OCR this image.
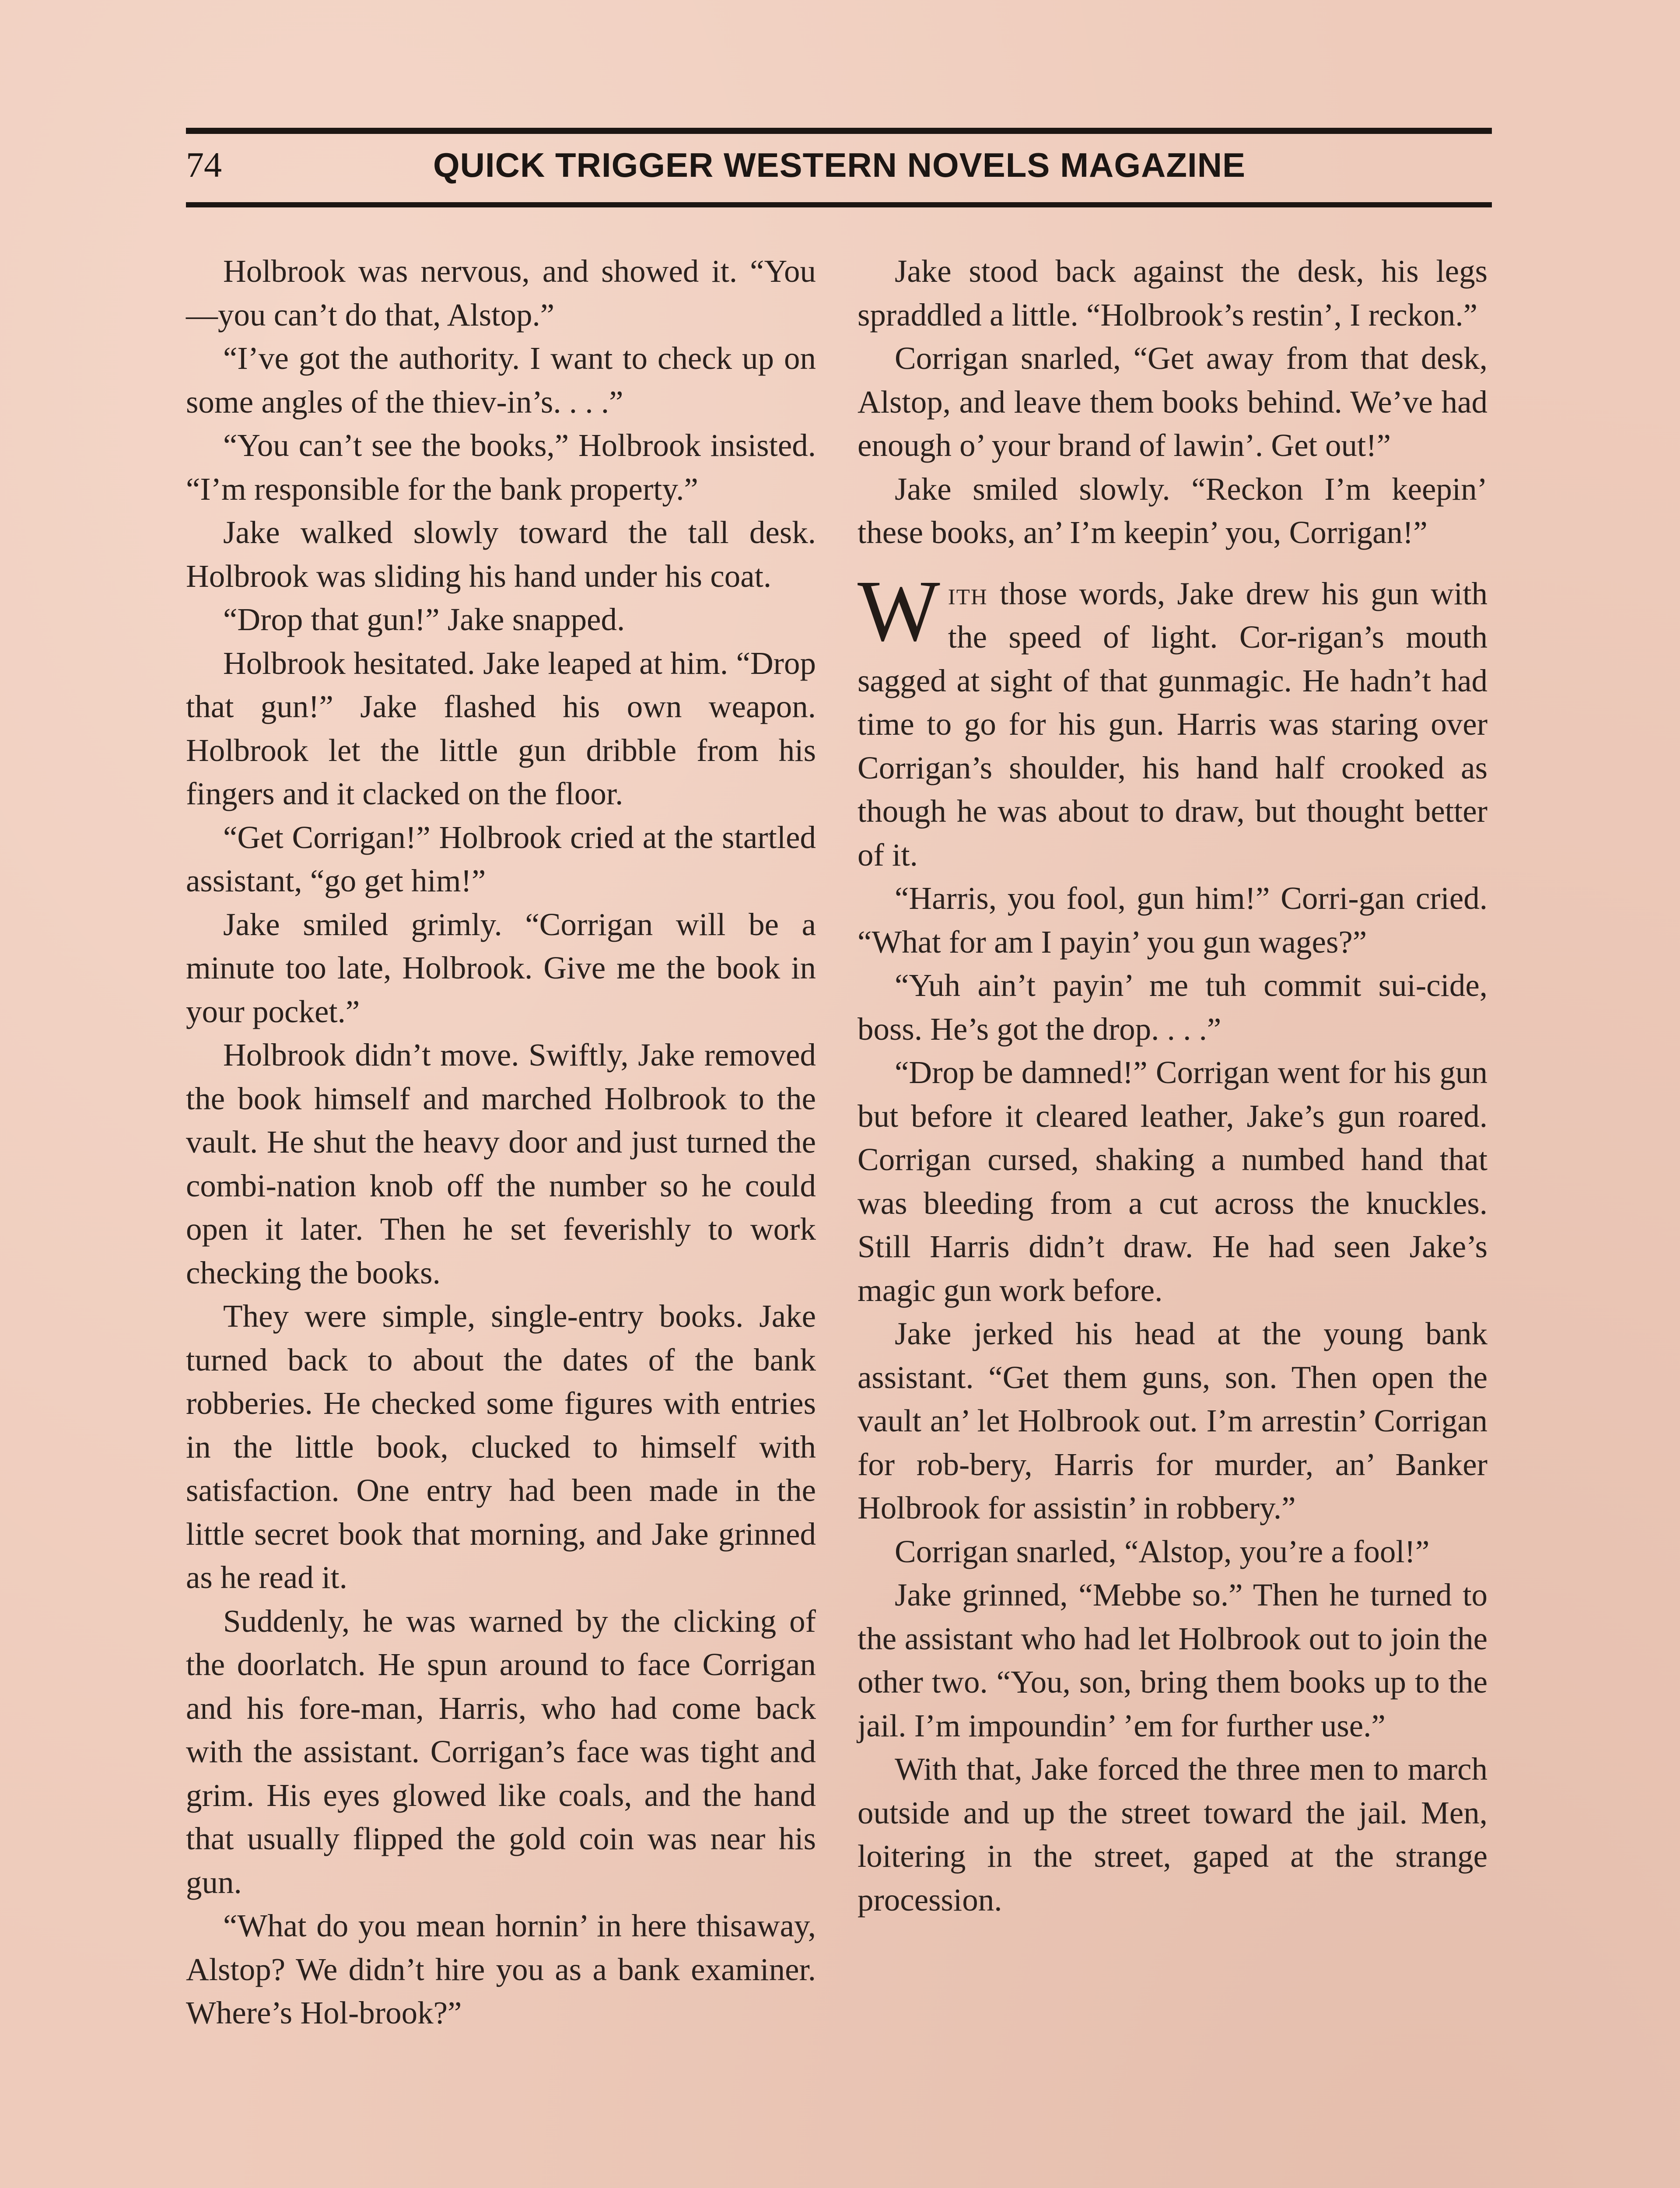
74	QUICK TRIGGER WESTERN NOVELS MAGAZINE

Holbrook was nervous, and showed it. “You—you can’t do that, Alstop.”

“I’ve got the authority. I want to check up on some angles of the thiev-in’s. . . .”

“You can’t see the books,” Holbrook insisted. “I’m responsible for the bank property.”

Jake walked slowly toward the tall desk. Holbrook was sliding his hand under his coat.

“Drop that gun!” Jake snapped.

Holbrook hesitated. Jake leaped at him. “Drop that gun!” Jake flashed his own weapon. Holbrook let the little gun dribble from his fingers and it clacked on the floor.

“Get Corrigan!” Holbrook cried at the startled assistant, “go get him!”

Jake smiled grimly. “Corrigan will be a minute too late, Holbrook. Give me the book in your pocket.”

Holbrook didn’t move. Swiftly, Jake removed the book himself and marched Holbrook to the vault. He shut the heavy door and just turned the combi-nation knob off the number so he could open it later. Then he set feverishly to work checking the books.

They were simple, single-entry books. Jake turned back to about the dates of the bank robberies. He checked some figures with entries in the little book, clucked to himself with satisfaction. One entry had been made in the little secret book that morning, and Jake grinned as he read it.

Suddenly, he was warned by the clicking of the doorlatch. He spun around to face Corrigan and his fore-man, Harris, who had come back with the assistant. Corrigan’s face was tight and grim. His eyes glowed like coals, and the hand that usually flipped the gold coin was near his gun.

“What do you mean hornin’ in here thisaway, Alstop? We didn’t hire you as a bank examiner. Where’s Hol-brook?”

Jake stood back against the desk, his legs spraddled a little. “Holbrook’s restin’, I reckon.”

Corrigan snarled, “Get away from that desk, Alstop, and leave them books behind. We’ve had enough o’ your brand of lawin’. Get out!”

Jake smiled slowly. “Reckon I’m keepin’ these books, an’ I’m keepin’ you, Corrigan!”

With those words, Jake drew his gun with the speed of light. Cor-rigan’s mouth sagged at sight of that gunmagic. He hadn’t had time to go for his gun. Harris was staring over Corrigan’s shoulder, his hand half crooked as though he was about to draw, but thought better of it.

“Harris, you fool, gun him!” Corri-gan cried. “What for am I payin’ you gun wages?”

“Yuh ain’t payin’ me tuh commit sui-cide, boss. He’s got the drop. . . .”

“Drop be damned!” Corrigan went for his gun but before it cleared leather, Jake’s gun roared. Corrigan cursed, shaking a numbed hand that was bleeding from a cut across the knuckles. Still Harris didn’t draw. He had seen Jake’s magic gun work before.

Jake jerked his head at the young bank assistant. “Get them guns, son. Then open the vault an’ let Holbrook out. I’m arrestin’ Corrigan for rob-bery, Harris for murder, an’ Banker Holbrook for assistin’ in robbery.”

Corrigan snarled, “Alstop, you’re a fool!”

Jake grinned, “Mebbe so.” Then he turned to the assistant who had let Holbrook out to join the other two. “You, son, bring them books up to the jail. I’m impoundin’ ’em for further use.”

With that, Jake forced the three men to march outside and up the street toward the jail. Men, loitering in the street, gaped at the strange procession.
